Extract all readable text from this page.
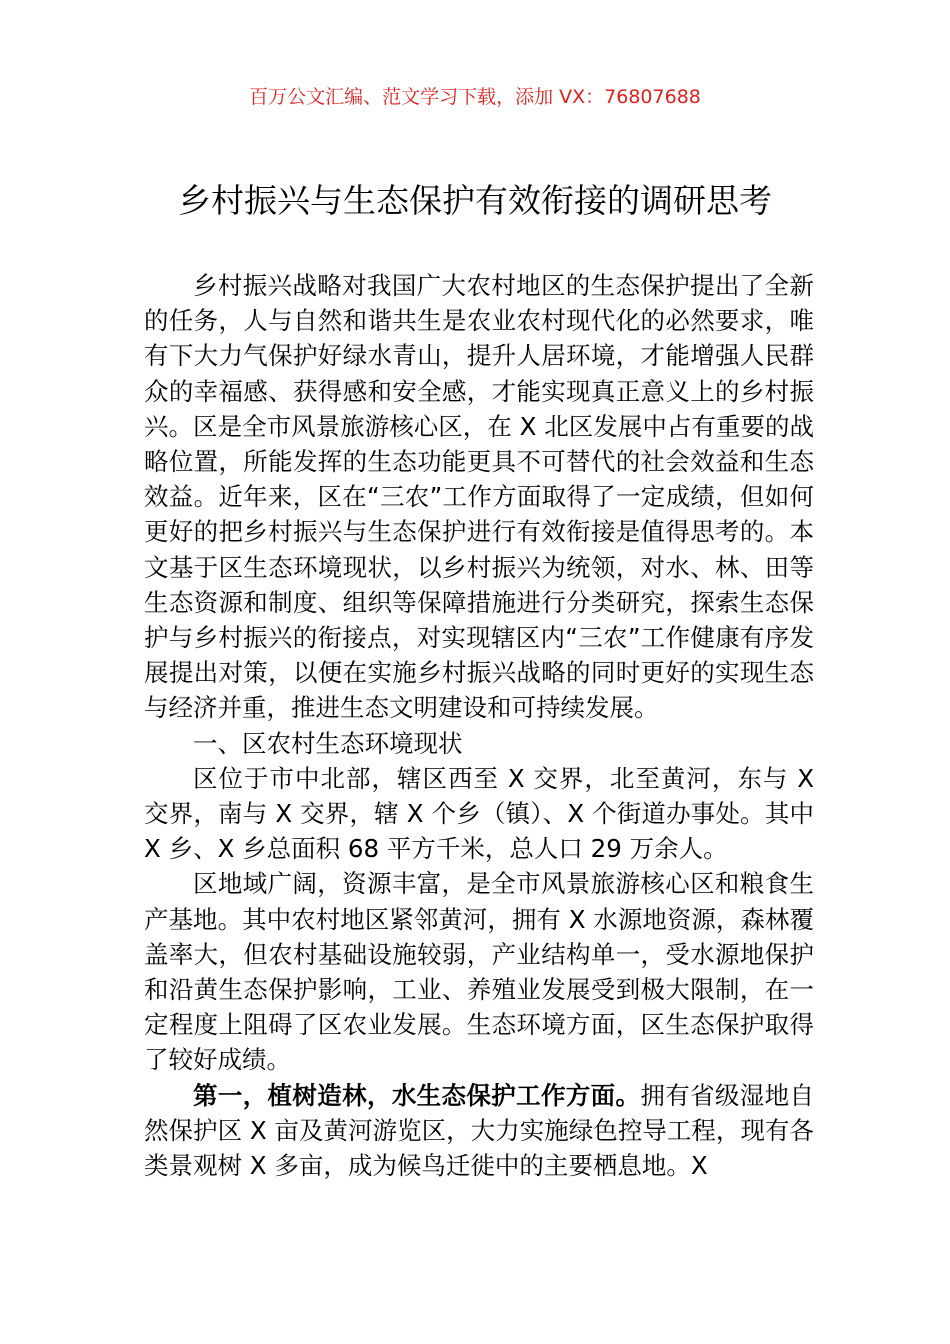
百万公文汇编、范文学习下载，添加 VX：76807688
乡村振兴与生态保护有效衔接的调研思考

乡村振兴战略对我国广大农村地区的生态保护提出了全新的任务，人与自然和谐共生是农业农村现代化的必然要求，唯有下大力气保护好绿水青山，提升人居环境，才能增强人民群众的幸福感、获得感和安全感，才能实现真正意义上的乡村振兴。区是全市风景旅游核心区，在 X 北区发展中占有重要的战略位置，所能发挥的生态功能更具不可替代的社会效益和生态效益。近年来，区在“三农”工作方面取得了一定成绩，但如何更好的把乡村振兴与生态保护进行有效衔接是值得思考的。本文基于区生态环境现状，以乡村振兴为统领，对水、林、田等生态资源和制度、组织等保障措施进行分类研究，探索生态保护与乡村振兴的衔接点，对实现辖区内“三农”工作健康有序发展提出对策，以便在实施乡村振兴战略的同时更好的实现生态与经济并重，推进生态文明建设和可持续发展。

一、区农村生态环境现状

区位于市中北部，辖区西至 X 交界，北至黄河，东与 X 交界，南与 X 交界，辖 X 个乡（镇）、X 个街道办事处。其中 X 乡、X 乡总面积 68 平方千米，总人口 29 万余人。

区地域广阔，资源丰富，是全市风景旅游核心区和粮食生产基地。其中农村地区紧邻黄河，拥有 X 水源地资源，森林覆盖率大，但农村基础设施较弱，产业结构单一，受水源地保护和沿黄生态保护影响，工业、养殖业发展受到极大限制，在一定程度上阻碍了区农业发展。生态环境方面，区生态保护取得了较好成绩。

第一，植树造林，水生态保护工作方面。拥有省级湿地自然保护区 X 亩及黄河游览区，大力实施绿色控导工程，现有各类景观树 X 多亩，成为候鸟迁徙中的主要栖息地。X
